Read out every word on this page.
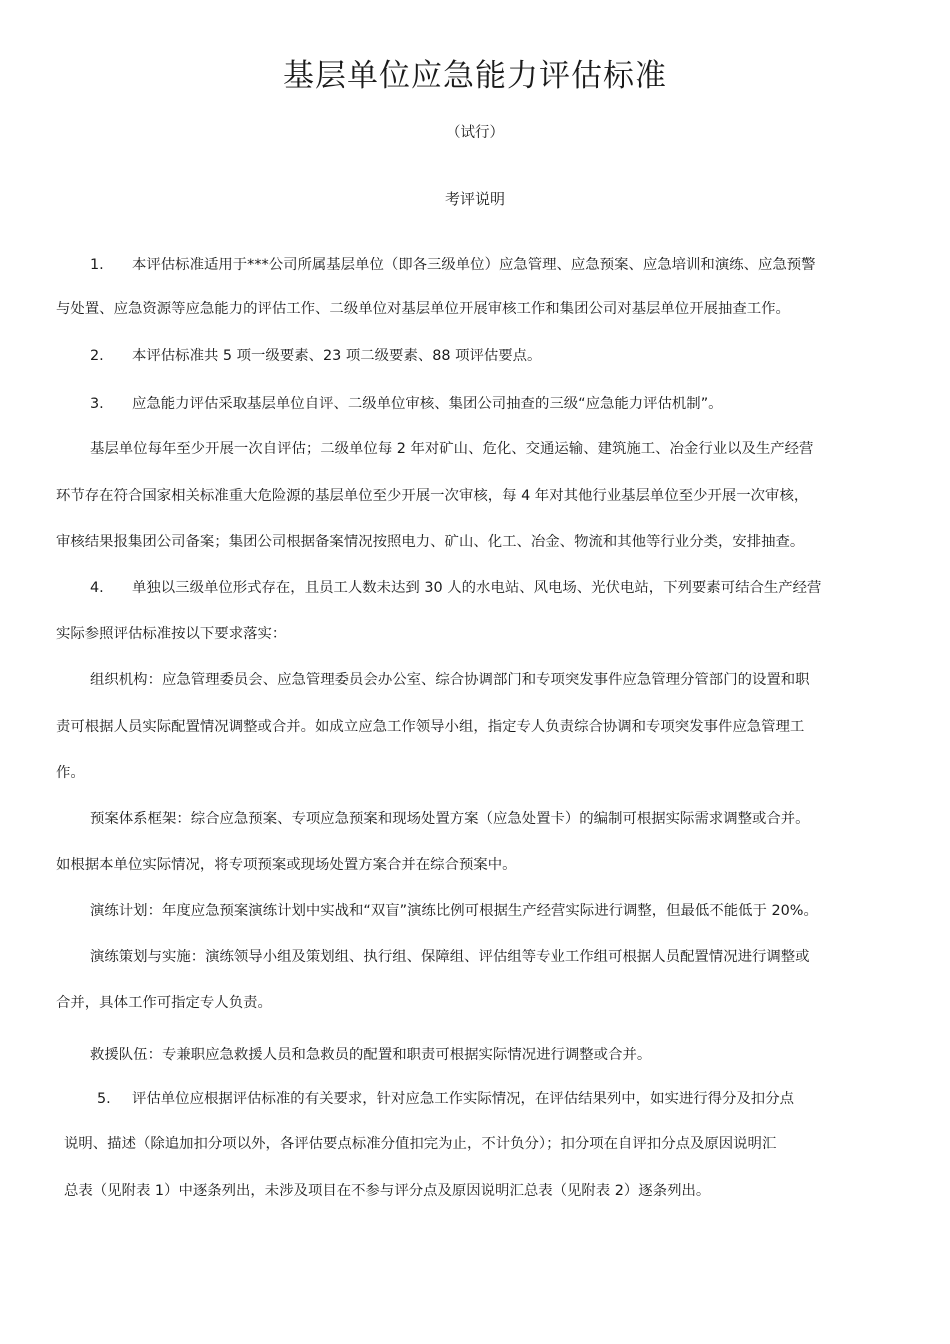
基层单位应急能力评估标准
（试行）
考评说明
1. 本评估标准适用于***公司所属基层单位（即各三级单位）应急管理、应急预案、应急培训和演练、应急预警
与处置、应急资源等应急能力的评估工作、二级单位对基层单位开展审核工作和集团公司对基层单位开展抽查工作。
2. 本评估标准共 5 项一级要素、23 项二级要素、88 项评估要点。
3. 应急能力评估采取基层单位自评、二级单位审核、集团公司抽查的三级“应急能力评估机制”。
基层单位每年至少开展一次自评估；二级单位每 2 年对矿山、危化、交通运输、建筑施工、冶金行业以及生产经营
环节存在符合国家相关标准重大危险源的基层单位至少开展一次审核，每 4 年对其他行业基层单位至少开展一次审核，
审核结果报集团公司备案；集团公司根据备案情况按照电力、矿山、化工、冶金、物流和其他等行业分类，安排抽查。
4. 单独以三级单位形式存在，且员工人数未达到 30 人的水电站、风电场、光伏电站，下列要素可结合生产经营
实际参照评估标准按以下要求落实：
组织机构：应急管理委员会、应急管理委员会办公室、综合协调部门和专项突发事件应急管理分管部门的设置和职
责可根据人员实际配置情况调整或合并。如成立应急工作领导小组，指定专人负责综合协调和专项突发事件应急管理工
作。
预案体系框架：综合应急预案、专项应急预案和现场处置方案（应急处置卡）的编制可根据实际需求调整或合并。
如根据本单位实际情况，将专项预案或现场处置方案合并在综合预案中。
演练计划：年度应急预案演练计划中实战和“双盲”演练比例可根据生产经营实际进行调整，但最低不能低于 20%。
演练策划与实施：演练领导小组及策划组、执行组、保障组、评估组等专业工作组可根据人员配置情况进行调整或
合并，具体工作可指定专人负责。
救援队伍：专兼职应急救援人员和急救员的配置和职责可根据实际情况进行调整或合并。
5. 评估单位应根据评估标准的有关要求，针对应急工作实际情况，在评估结果列中，如实进行得分及扣分点
说明、描述（除追加扣分项以外，各评估要点标准分值扣完为止，不计负分）；扣分项在自评扣分点及原因说明汇
总表（见附表 1）中逐条列出，未涉及项目在不参与评分点及原因说明汇总表（见附表 2）逐条列出。
